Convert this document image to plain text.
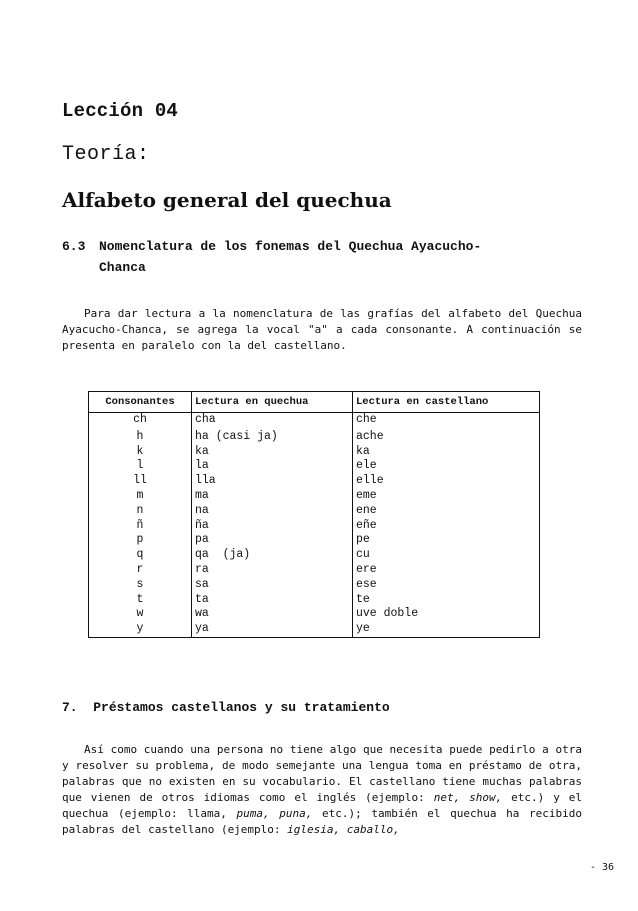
Lección 04
Teoría:
Alfabeto general del quechua
6.3 Nomenclatura de los fonemas del Quechua Ayacucho-
Chanca
Para dar lectura a la nomenclatura de las grafías del alfabeto del Quechua Ayacucho-Chanca, se agrega la vocal "a" a cada consonante. A continuación se presenta en paralelo con la del castellano.
Consonantes	Lectura en quechua	Lectura en castellano
ch	cha	che
h	ha (casi ja)	ache
k	ka	ka
l	la	ele
ll	lla	elle
m	ma	eme
n	na	ene
ñ	ña	eñe
p	pa	pe
q	qa  (ja)	cu
r	ra	ere
s	sa	ese
t	ta	te
w	wa	uve doble
y	ya	ye
7. Préstamos castellanos y su tratamiento
Así como cuando una persona no tiene algo que necesita puede pedirlo a otra y resolver su problema, de modo semejante una lengua toma en préstamo de otra, palabras que no existen en su vocabulario. El castellano tiene muchas palabras que vienen de otros idiomas como el inglés (ejemplo: net, show, etc.) y el quechua (ejemplo: llama, puma, puna, etc.); también el quechua ha recibido palabras del castellano (ejemplo: iglesia, caballo,
- 36
